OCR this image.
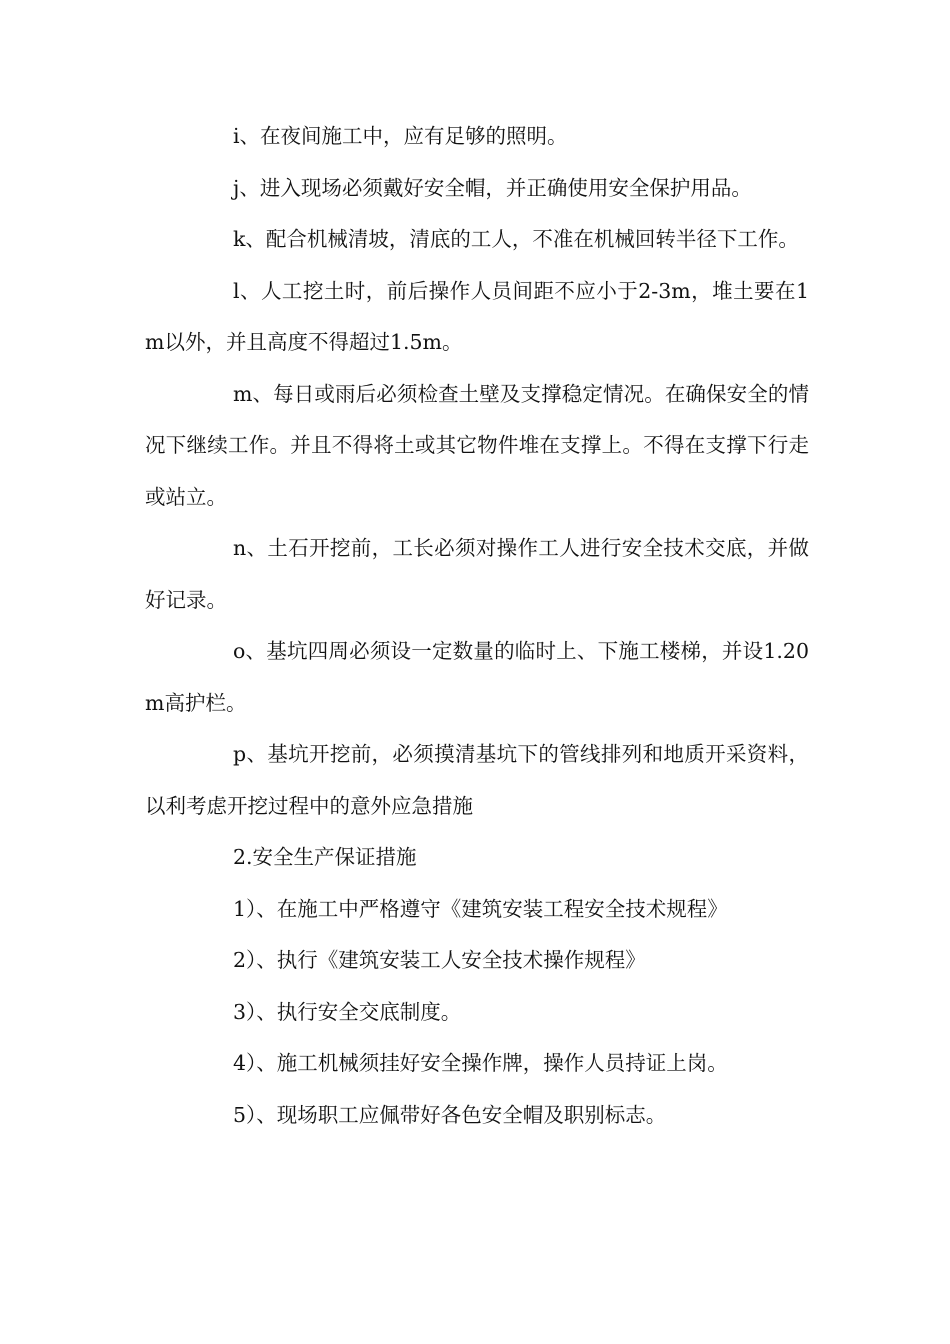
i、在夜间施工中，应有足够的照明。

j、进入现场必须戴好安全帽，并正确使用安全保护用品。

k、配合机械清坡，清底的工人，不准在机械回转半径下工作。

l、人工挖土时，前后操作人员间距不应小于2-3m，堆土要在1m以外，并且高度不得超过1.5m。

m、每日或雨后必须检查土壁及支撑稳定情况。在确保安全的情况下继续工作。并且不得将土或其它物件堆在支撑上。不得在支撑下行走或站立。

n、土石开挖前，工长必须对操作工人进行安全技术交底，并做好记录。

o、基坑四周必须设一定数量的临时上、下施工楼梯，并设1.20m高护栏。

p、基坑开挖前，必须摸清基坑下的管线排列和地质开采资料，以利考虑开挖过程中的意外应急措施

2.安全生产保证措施

1）、在施工中严格遵守《建筑安装工程安全技术规程》

2）、执行《建筑安装工人安全技术操作规程》

3）、执行安全交底制度。

4）、施工机械须挂好安全操作牌，操作人员持证上岗。

5）、现场职工应佩带好各色安全帽及职别标志。
